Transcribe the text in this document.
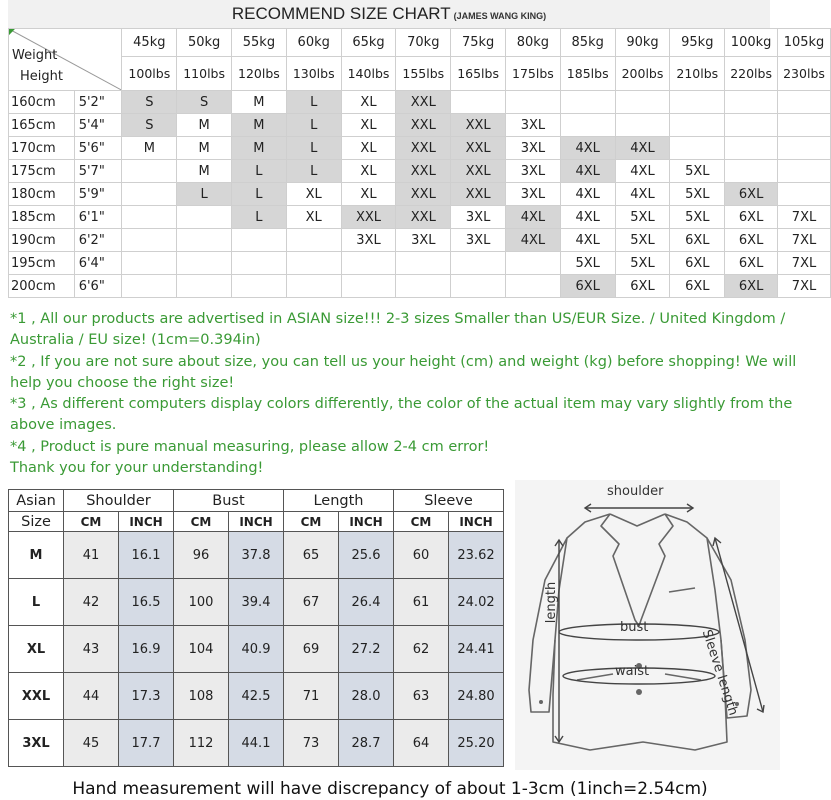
RECOMMEND SIZE CHART (JAMES WANG KING)
Weight
Height		45kg	50kg	55kg	60kg	65kg	70kg	75kg	80kg	85kg	90kg	95kg	100kg	105kg
		100lbs	110lbs	120lbs	130lbs	140lbs	155lbs	165lbs	175lbs	185lbs	200lbs	210lbs	220lbs	230lbs
160cm	5'2"	S	S	M	L	XL	XXL							
165cm	5'4"	S	M	M	L	XL	XXL	XXL	3XL					
170cm	5'6"	M	M	M	L	XL	XXL	XXL	3XL	4XL	4XL			
175cm	5'7"		M	L	L	XL	XXL	XXL	3XL	4XL	4XL	5XL		
180cm	5'9"		L	L	XL	XL	XXL	XXL	3XL	4XL	4XL	5XL	6XL	
185cm	6'1"			L	XL	XXL	XXL	3XL	4XL	4XL	5XL	5XL	6XL	7XL
190cm	6'2"					3XL	3XL	3XL	4XL	4XL	5XL	6XL	6XL	7XL
195cm	6'4"									5XL	5XL	6XL	6XL	7XL
200cm	6'6"									6XL	6XL	6XL	6XL	7XL

*1 , All our products are advertised in ASIAN size!!! 2-3 sizes Smaller than US/EUR Size. / United Kingdom / Australia / EU size! (1cm=0.394in)

*2 , If you are not sure about size, you can tell us your height (cm) and weight (kg) before shopping! We will help you choose the right size!

*3 , As different computers display colors differently, the color of the actual item may vary slightly from the above images.

*4 , Product is pure manual measuring, please allow 2-4 cm error!

Thank you for your understanding!

Asian	Shoulder		Bust		Length		Sleeve	
Size	CM	INCH	CM	INCH	CM	INCH	CM	INCH
M	41	16.1	96	37.8	65	25.6	60	23.62
L	42	16.5	100	39.4	67	26.4	61	24.02
XL	43	16.9	104	40.9	69	27.2	62	24.41
XXL	44	17.3	108	42.5	71	28.0	63	24.80
3XL	45	17.7	112	44.1	73	28.7	64	25.20
shoulder
length
bust
waist	Sleeve length
Hand measurement will have discrepancy of about 1-3cm (1inch=2.54cm)
